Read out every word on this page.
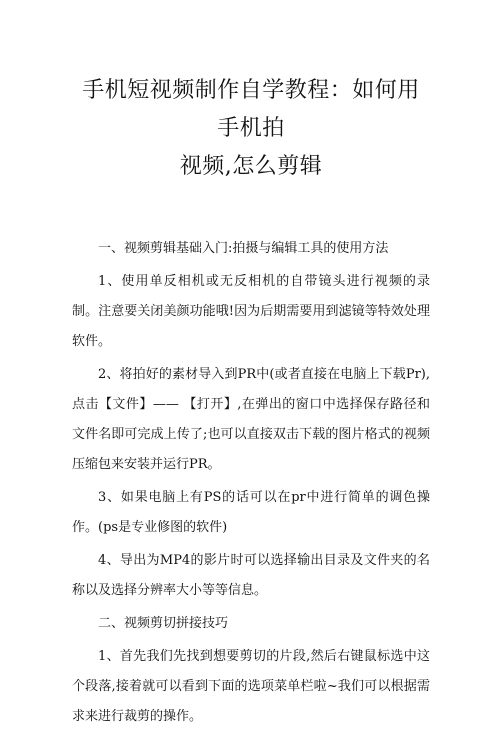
手机短视频制作自学教程：如何用手机拍
视频,怎么剪辑

一、视频剪辑基础入门:拍摄与编辑工具的使用方法

1、使用单反相机或无反相机的自带镜头进行视频的录制。注意要关闭美颜功能哦!因为后期需要用到滤镜等特效处理软件。

2、将拍好的素材导入到PR中(或者直接在电脑上下载Pr),点击【文件】—— 【打开】,在弹出的窗口中选择保存路径和文件名即可完成上传了;也可以直接双击下载的图片格式的视频压缩包来安装并运行PR。

3、如果电脑上有PS的话可以在pr中进行简单的调色操作。(ps是专业修图的软件)

4、导出为MP4的影片时可以选择输出目录及文件夹的名称以及选择分辨率大小等等信息。

二、视频剪切拼接技巧

1、首先我们先找到想要剪切的片段,然后右键鼠标选中这个段落,接着就可以看到下面的选项菜单栏啦~我们可以根据需求来进行裁剪的操作。
